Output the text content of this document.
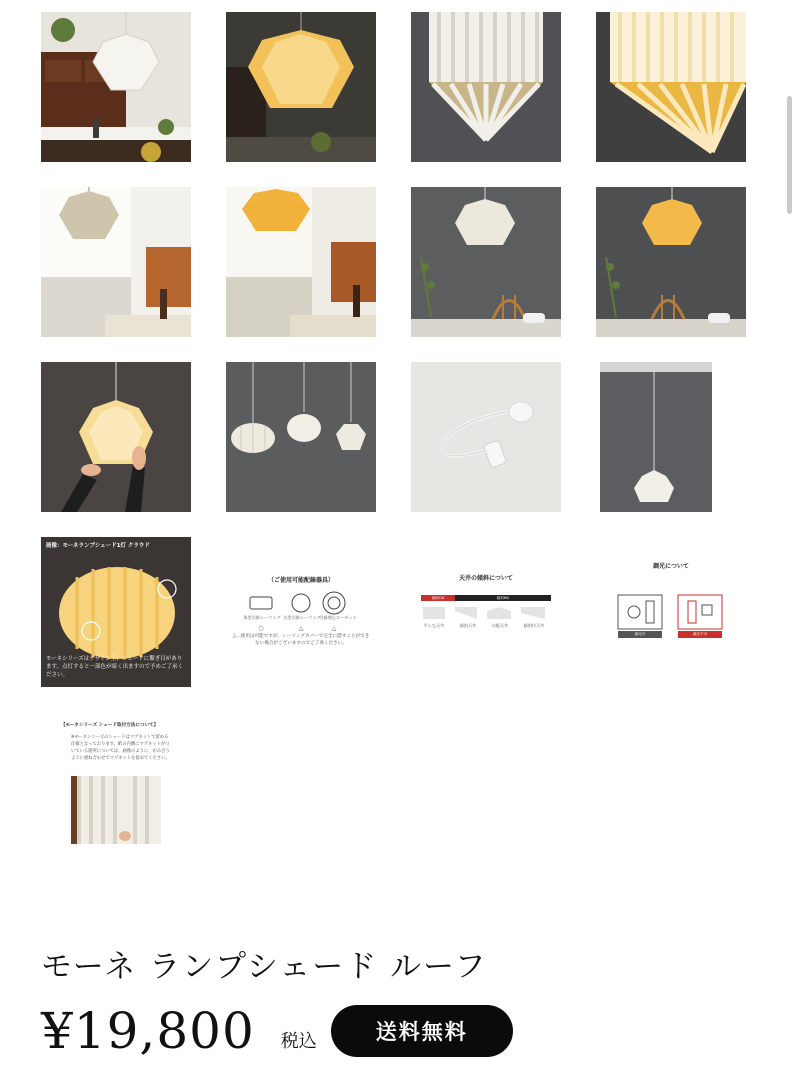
画像：モーネランプシェード1灯 クラウド
モーネシリーズはデザイン上、シェードに繋ぎ目があります。点灯すると一部色が暗く出ますので予めご了承ください。
（ご使用可能配線器具）
角型引掛シーリング 丸型引掛シーリング
引掛埋込ローゼット
○	△	△
△…使用は可能ですが、シーリングカバーで完全に隠すことができない場合がございますのでご了承ください。
天井の傾斜について
傾斜OK	傾斜NG
平らな天井	傾斜天井	勾配天井	傾斜付天井
調光について
調光可	調光不可
【モーネシリーズ シェード取付方法について】
※モーネシリーズのシェードはマグネットで留める仕様となっております。紙の内側にマグネットがついている箇所については、画像のように、かみ合うように重ね合わせてマグネットを留めてください。
モーネ ランプシェード ルーフ
¥19,800 税込	送料無料
